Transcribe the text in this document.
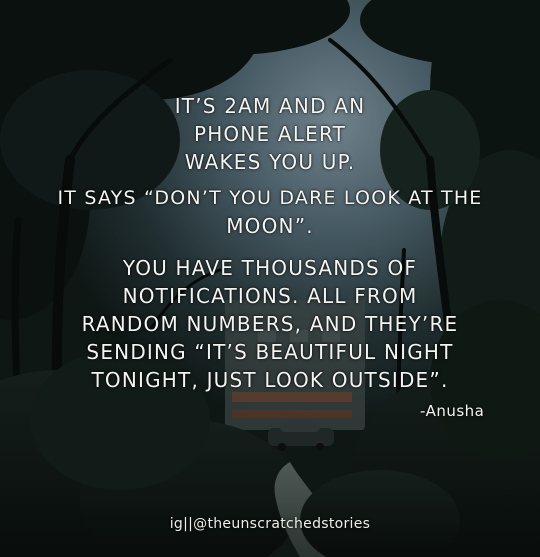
IT’S 2AM AND AN
PHONE ALERT
WAKES YOU UP.
IT SAYS “DON’T YOU DARE LOOK AT THE
MOON”.
YOU HAVE THOUSANDS OF
NOTIFICATIONS. ALL FROM
RANDOM NUMBERS, AND THEY’RE
SENDING “IT’S BEAUTIFUL NIGHT
TONIGHT, JUST LOOK OUTSIDE”.
-Anusha
ig||@theunscratchedstories
